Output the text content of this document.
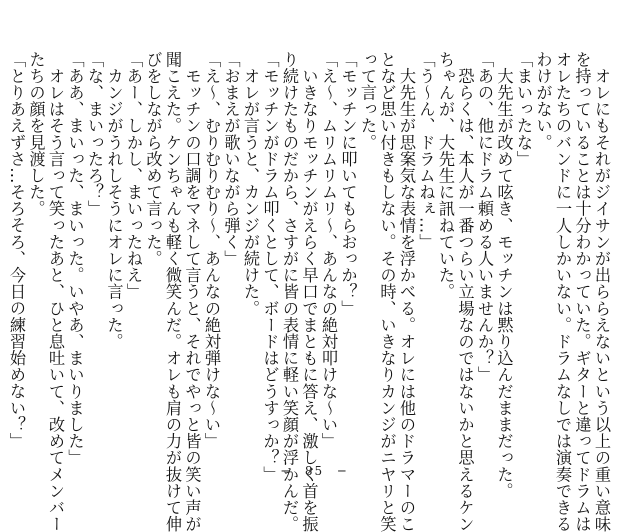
　オレにもそれがジイサンが出ららえないという以上の重い意味
を持っていることは十分わかっていた。ギターと違ってドラムは
オレたちのバンドに一人しかいない。ドラムなしでは演奏できる
わけがない。
「まいったな」
　大先生が改めて呟き、モッチンは黙り込んだままだった。
「あの、他にドラム頼める人いませんか？」
　恐らくは、本人が一番つらい立場なのではないかと思えるケン
ちゃんが、大先生に訊ねていた。
「う〜ん、ドラムねぇ…」
　大先生が思案気な表情を浮かべる。オレには他のドラマーのこ
となど思い付きもしない。その時、いきなりカンジがニヤリと笑
って言った。
「モッチンに叩いてもらおっか？」
「え〜、ムリムリムリ〜、あんなの絶対叩けな〜い」
　いきなりモッチンがえらく早口でまともに答え、激しく首を振
り続けたものだから、さすがに皆の表情に軽い笑顔が浮かんだ。
「モッチンがドラム叩くとして、ボードはどうすっか？」
　オレが言うと、カンジが続けた。
「おまえが歌いながら弾く」
「え〜、むりむりむり〜、あんなの絶対弾けな〜い」
　モッチンの口調をマネして言うと、それでやっと皆の笑い声が
聞こえた。ケンちゃんも軽く微笑んだ。オレも肩の力が抜けて伸
びをしながら改めて言った。
「あー、しかし、まいったねえ」
　カンジがうれしそうにオレに言った。
「な、まいったろ？」
「ああ、まいった、まいった。いやあ、まいりました」
　オレはそう言って笑ったあと、ひと息吐いて、改めてメンバー
たちの顔を見渡した。
「とりあえずさ…そろそろ、今日の練習始めない？」
─　85　─
